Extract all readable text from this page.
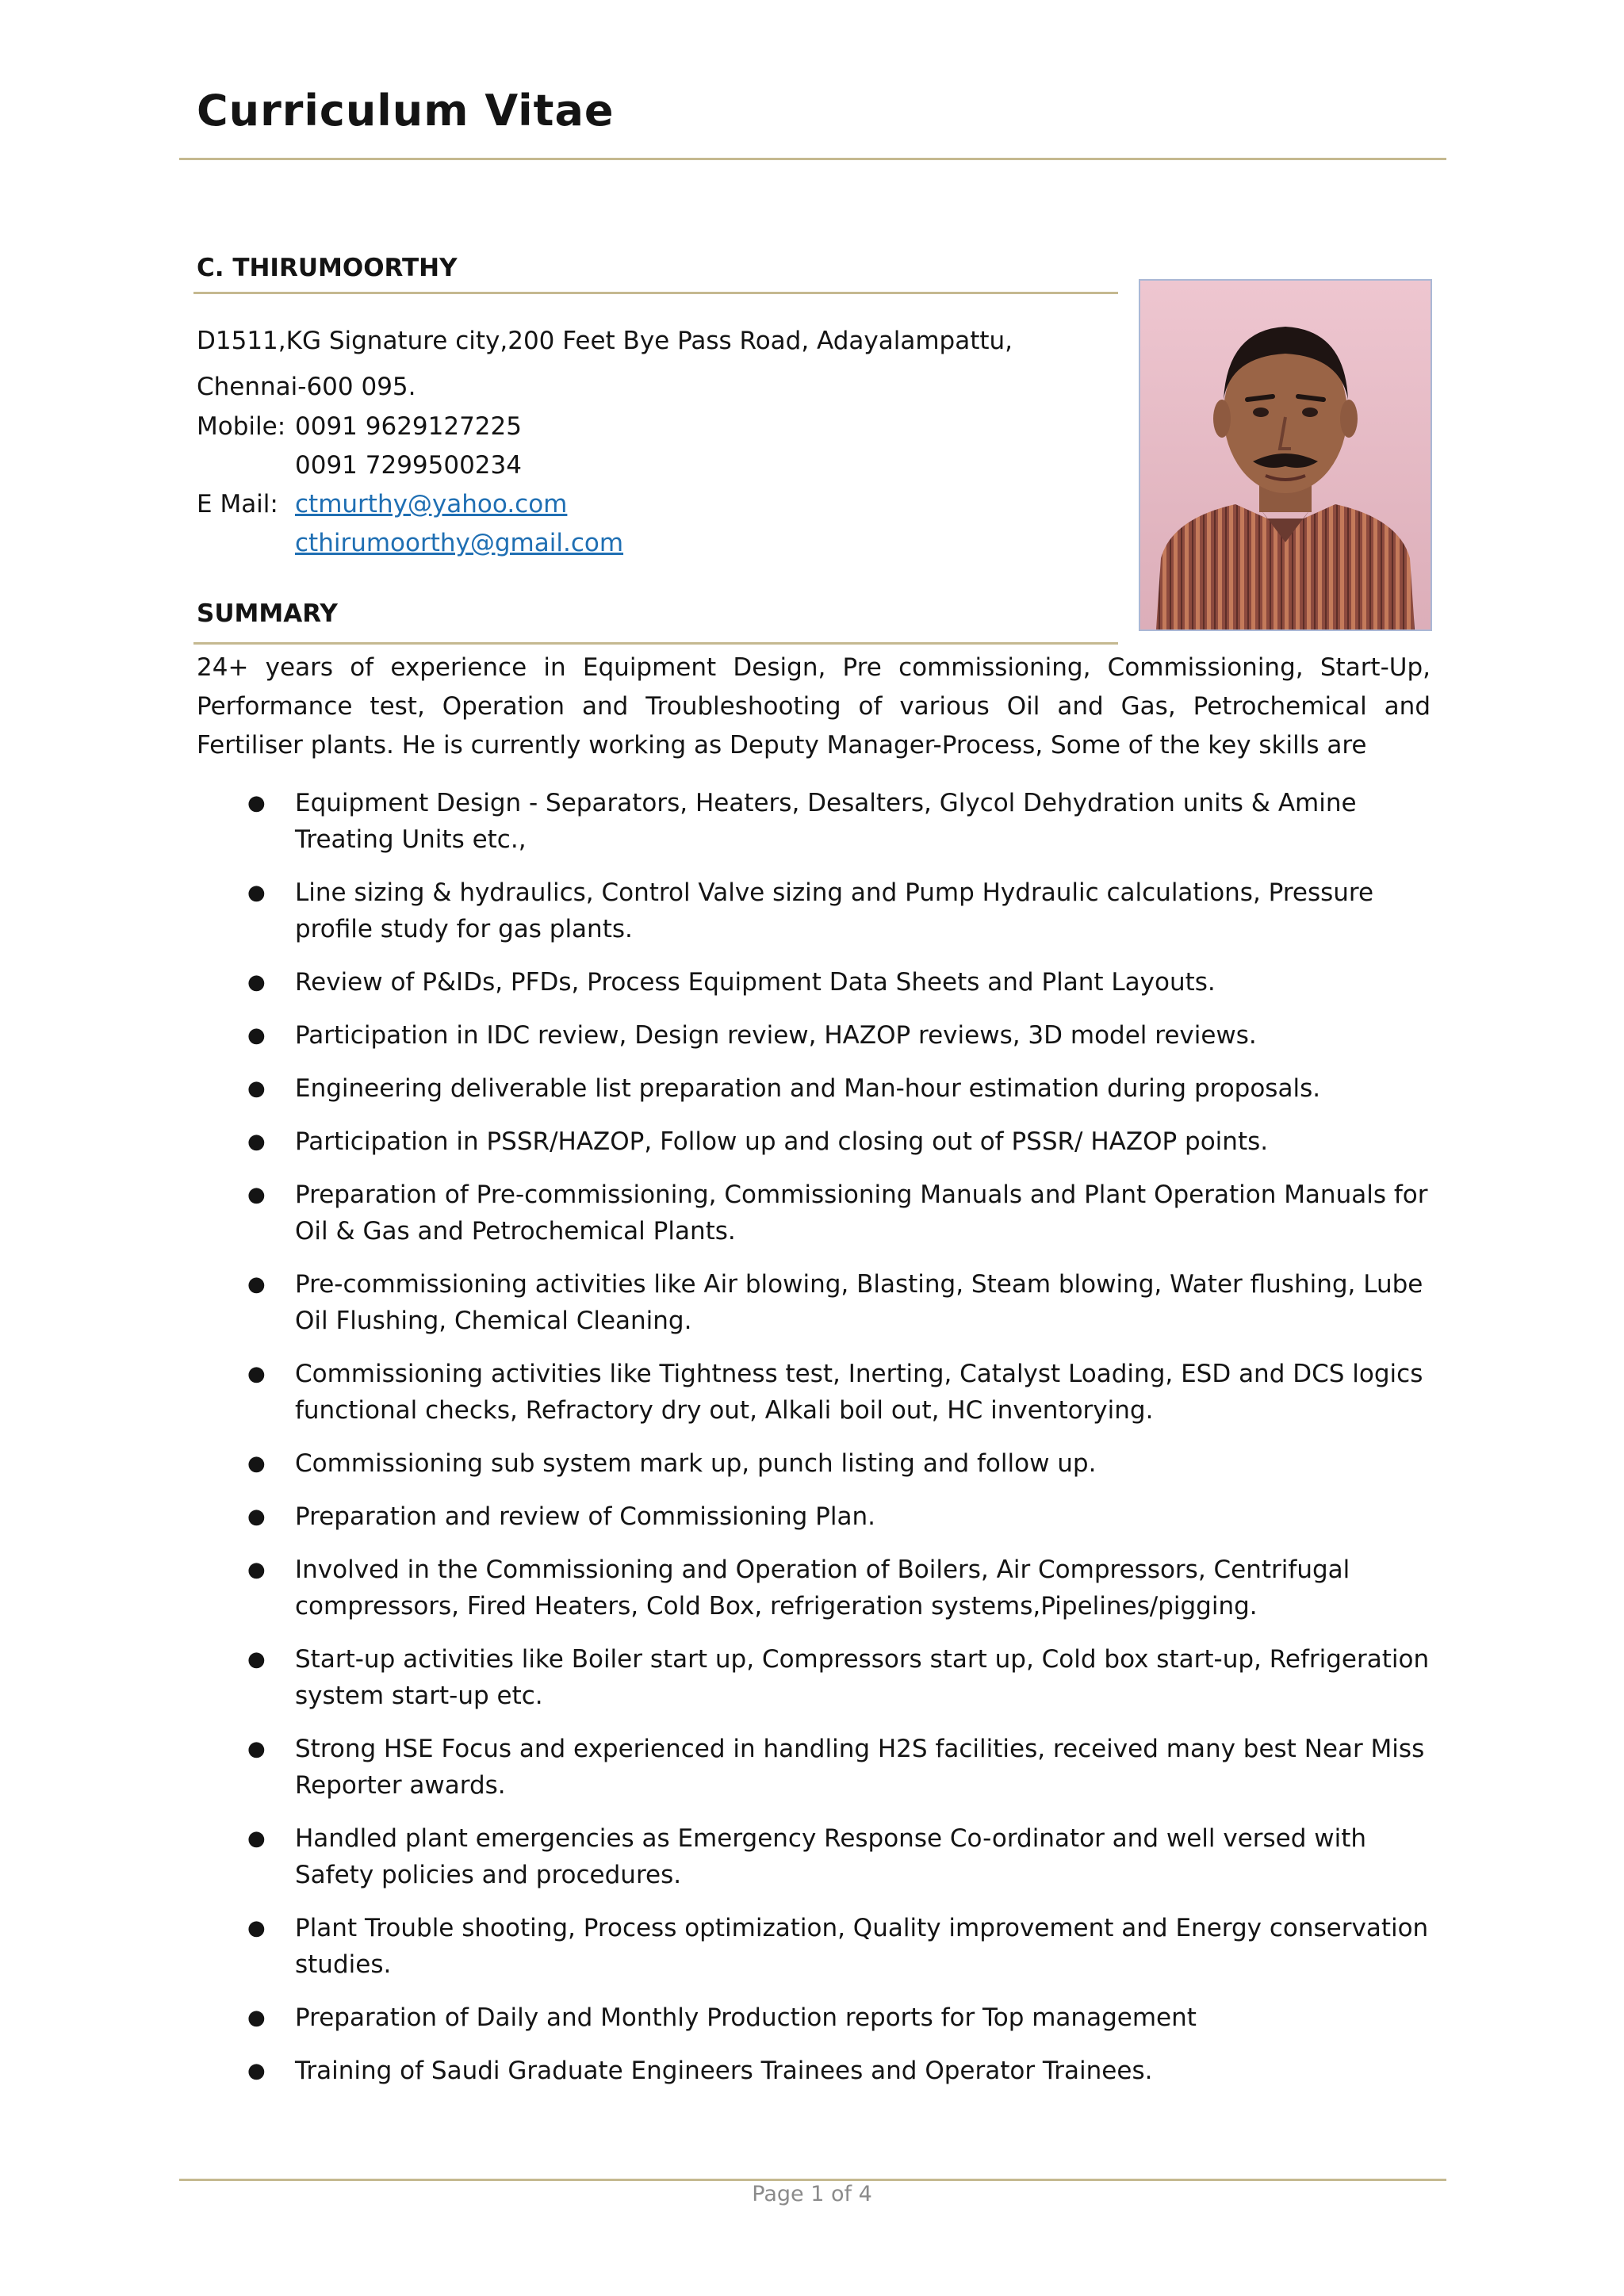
Curriculum Vitae
C. THIRUMOORTHY
D1511,KG Signature city,200 Feet Bye Pass Road, Adayalampattu,
Chennai-600 095.
Mobile: 0091 9629127225
0091 7299500234
E Mail: ctmurthy@yahoo.com
cthirumoorthy@gmail.com
SUMMARY

24+ years of experience in Equipment Design, Pre commissioning, Commissioning, Start-Up, Performance test, Operation and Troubleshooting of various Oil and Gas, Petrochemical and Fertiliser plants. He is currently working as Deputy Manager-Process, Some of the key skills are

● Equipment Design - Separators, Heaters, Desalters, Glycol Dehydration units & Amine Treating Units etc.,
● Line sizing & hydraulics, Control Valve sizing and Pump Hydraulic calculations, Pressure profile study for gas plants.
● Review of P&IDs, PFDs, Process Equipment Data Sheets and Plant Layouts.
● Participation in IDC review, Design review, HAZOP reviews, 3D model reviews.
● Engineering deliverable list preparation and Man-hour estimation during proposals.
● Participation in PSSR/HAZOP, Follow up and closing out of PSSR/ HAZOP points.
● Preparation of Pre-commissioning, Commissioning Manuals and Plant Operation Manuals for Oil & Gas and Petrochemical Plants.
● Pre-commissioning activities like Air blowing, Blasting, Steam blowing, Water flushing, Lube Oil Flushing, Chemical Cleaning.
● Commissioning activities like Tightness test, Inerting, Catalyst Loading, ESD and DCS logics functional checks, Refractory dry out, Alkali boil out, HC inventorying.
● Commissioning sub system mark up, punch listing and follow up.
● Preparation and review of Commissioning Plan.
● Involved in the Commissioning and Operation of Boilers, Air Compressors, Centrifugal compressors, Fired Heaters, Cold Box, refrigeration systems,Pipelines/pigging.
● Start-up activities like Boiler start up, Compressors start up, Cold box start-up, Refrigeration system start-up etc.
● Strong HSE Focus and experienced in handling H2S facilities, received many best Near Miss Reporter awards.
● Handled plant emergencies as Emergency Response Co-ordinator and well versed with Safety policies and procedures.
● Plant Trouble shooting, Process optimization, Quality improvement and Energy conservation studies.
● Preparation of Daily and Monthly Production reports for Top management
● Training of Saudi Graduate Engineers Trainees and Operator Trainees.
Page 1 of 4
